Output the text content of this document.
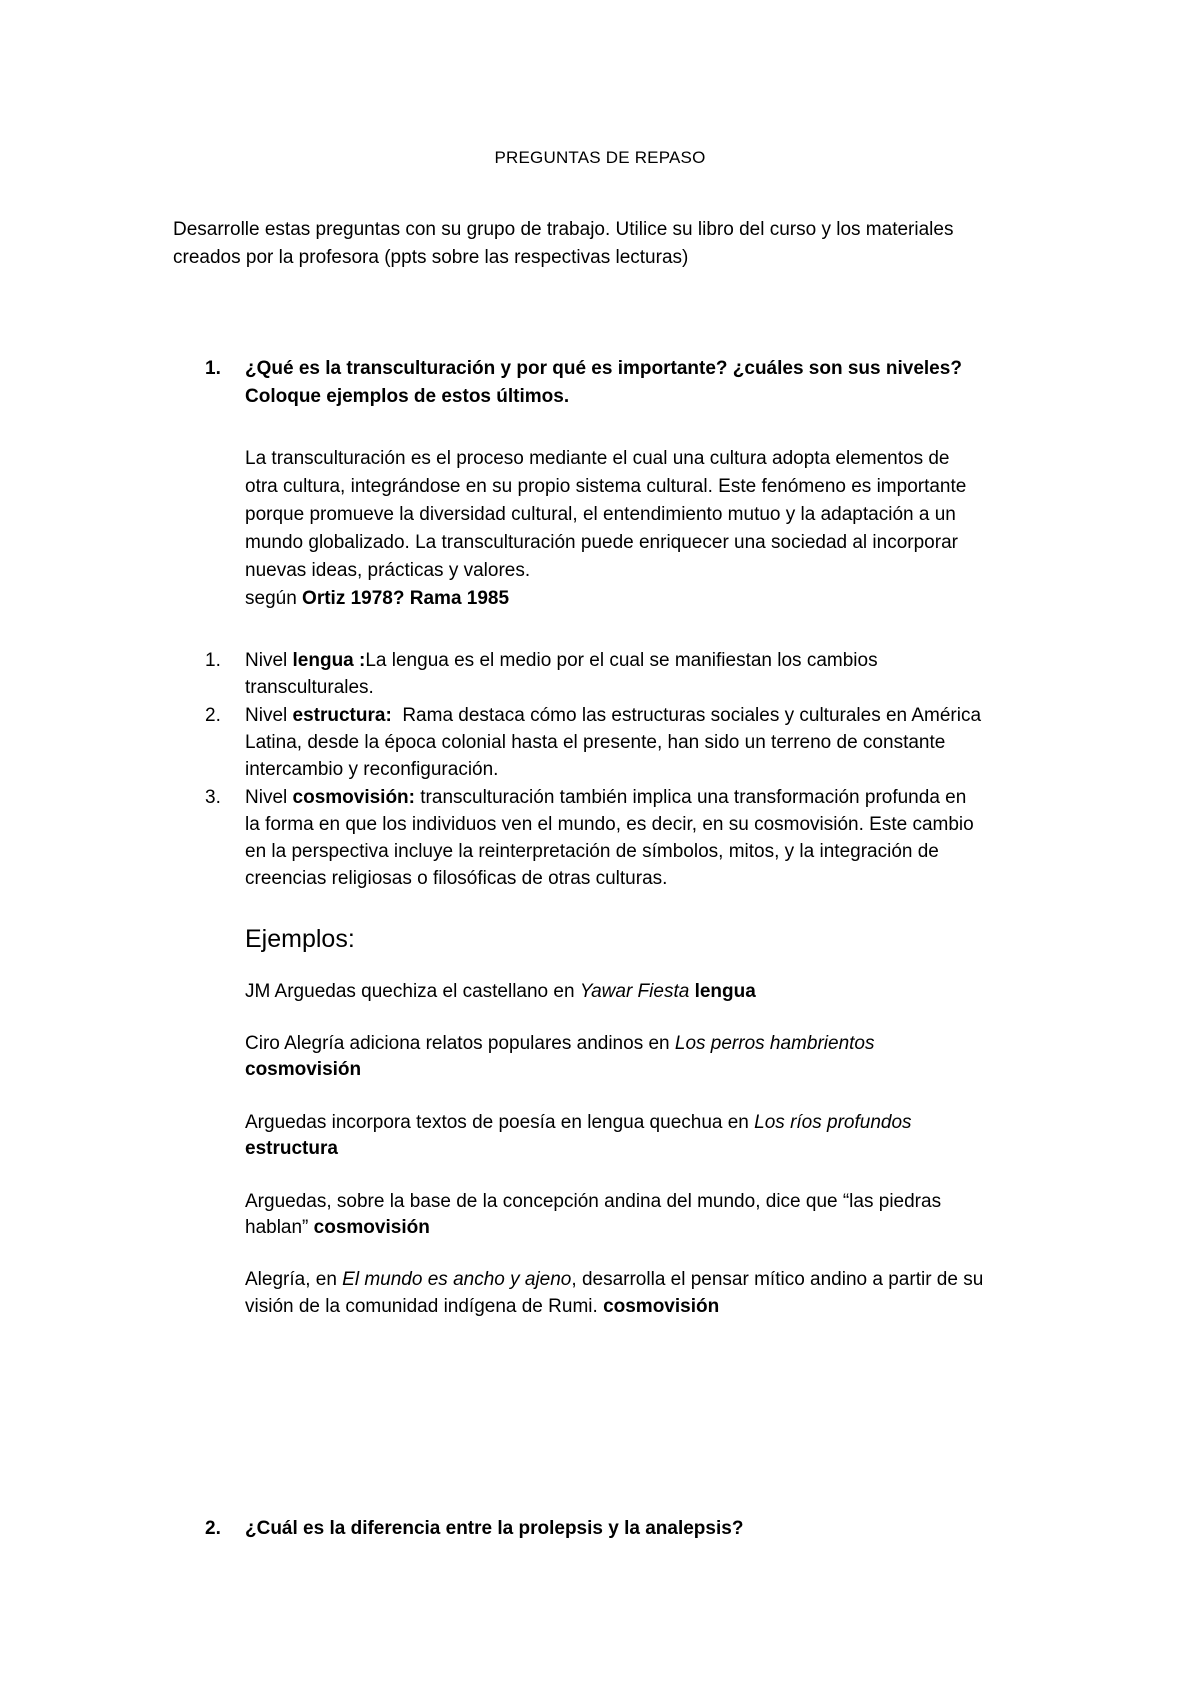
PREGUNTAS DE REPASO
Desarrolle estas preguntas con su grupo de trabajo. Utilice su libro del curso y los materiales
creados por la profesora (ppts sobre las respectivas lecturas)
1. ¿Qué es la transculturación y por qué es importante? ¿cuáles son sus niveles?
Coloque ejemplos de estos últimos.
La transculturación es el proceso mediante el cual una cultura adopta elementos de
otra cultura, integrándose en su propio sistema cultural. Este fenómeno es importante
porque promueve la diversidad cultural, el entendimiento mutuo y la adaptación a un
mundo globalizado. La transculturación puede enriquecer una sociedad al incorporar
nuevas ideas, prácticas y valores.
según Ortiz 1978? Rama 1985
1. Nivel lengua :La lengua es el medio por el cual se manifiestan los cambios
transculturales.
2. Nivel estructura:  Rama destaca cómo las estructuras sociales y culturales en América
Latina, desde la época colonial hasta el presente, han sido un terreno de constante
intercambio y reconfiguración.
3. Nivel cosmovisión: transculturación también implica una transformación profunda en
la forma en que los individuos ven el mundo, es decir, en su cosmovisión. Este cambio
en la perspectiva incluye la reinterpretación de símbolos, mitos, y la integración de
creencias religiosas o filosóficas de otras culturas.
Ejemplos:
JM Arguedas quechiza el castellano en Yawar Fiesta lengua
Ciro Alegría adiciona relatos populares andinos en Los perros hambrientos
cosmovisión
Arguedas incorpora textos de poesía en lengua quechua en Los ríos profundos
estructura
Arguedas, sobre la base de la concepción andina del mundo, dice que “las piedras
hablan” cosmovisión
Alegría, en El mundo es ancho y ajeno, desarrolla el pensar mítico andino a partir de su
visión de la comunidad indígena de Rumi. cosmovisión
2. ¿Cuál es la diferencia entre la prolepsis y la analepsis?
